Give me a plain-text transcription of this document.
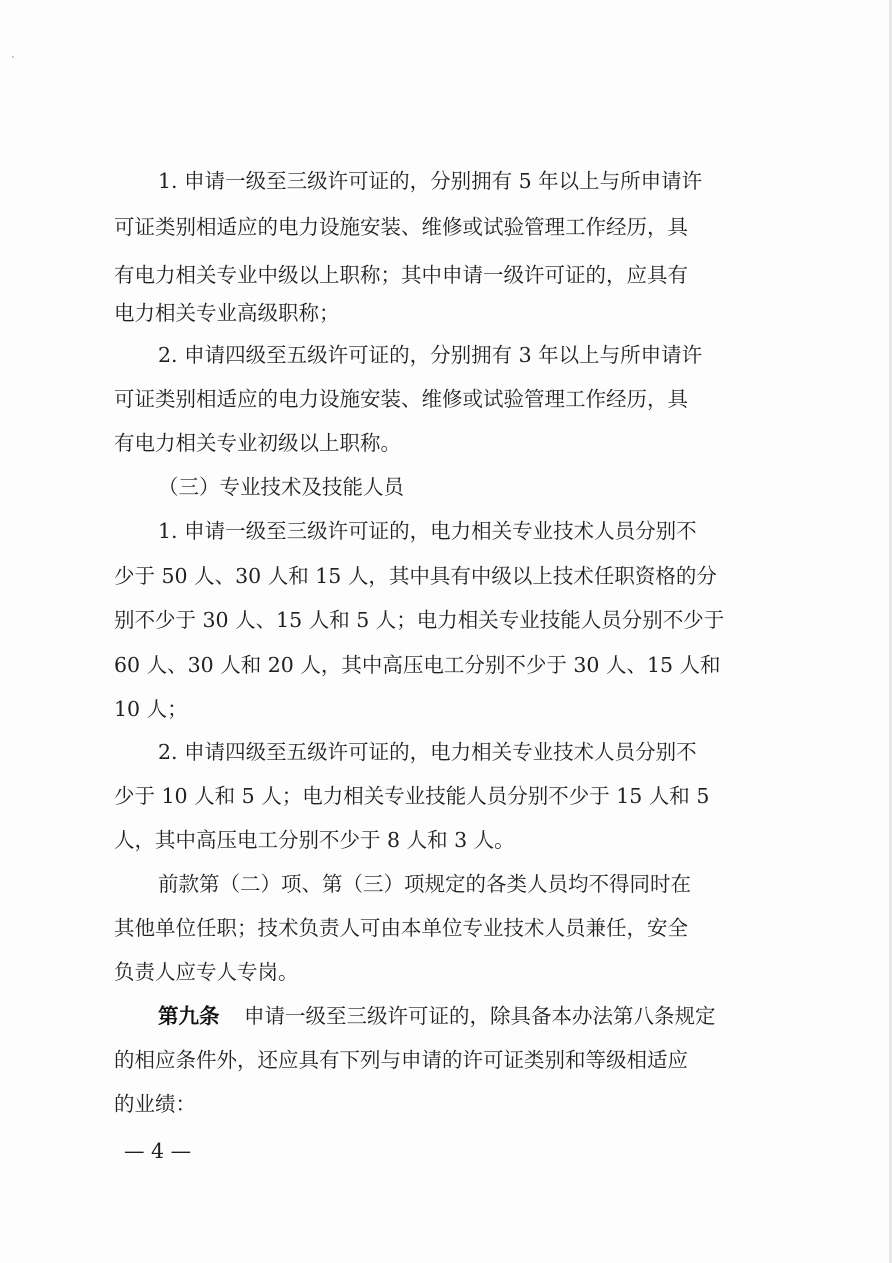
1. 申请一级至三级许可证的，分别拥有 5 年以上与所申请许
可证类别相适应的电力设施安装、维修或试验管理工作经历，具
有电力相关专业中级以上职称；其中申请一级许可证的，应具有
电力相关专业高级职称；
2. 申请四级至五级许可证的，分别拥有 3 年以上与所申请许
可证类别相适应的电力设施安装、维修或试验管理工作经历，具
有电力相关专业初级以上职称。
（三）专业技术及技能人员
1. 申请一级至三级许可证的，电力相关专业技术人员分别不
少于 50 人、30 人和 15 人，其中具有中级以上技术任职资格的分
别不少于 30 人、15 人和 5 人；电力相关专业技能人员分别不少于
60 人、30 人和 20 人，其中高压电工分别不少于 30 人、15 人和
10 人；
2. 申请四级至五级许可证的，电力相关专业技术人员分别不
少于 10 人和 5 人；电力相关专业技能人员分别不少于 15 人和 5
人，其中高压电工分别不少于 8 人和 3 人。
前款第（二）项、第（三）项规定的各类人员均不得同时在
其他单位任职；技术负责人可由本单位专业技术人员兼任，安全
负责人应专人专岗。
第九条 申请一级至三级许可证的，除具备本办法第八条规定
的相应条件外，还应具有下列与申请的许可证类别和等级相适应
的业绩：
— 4 —
